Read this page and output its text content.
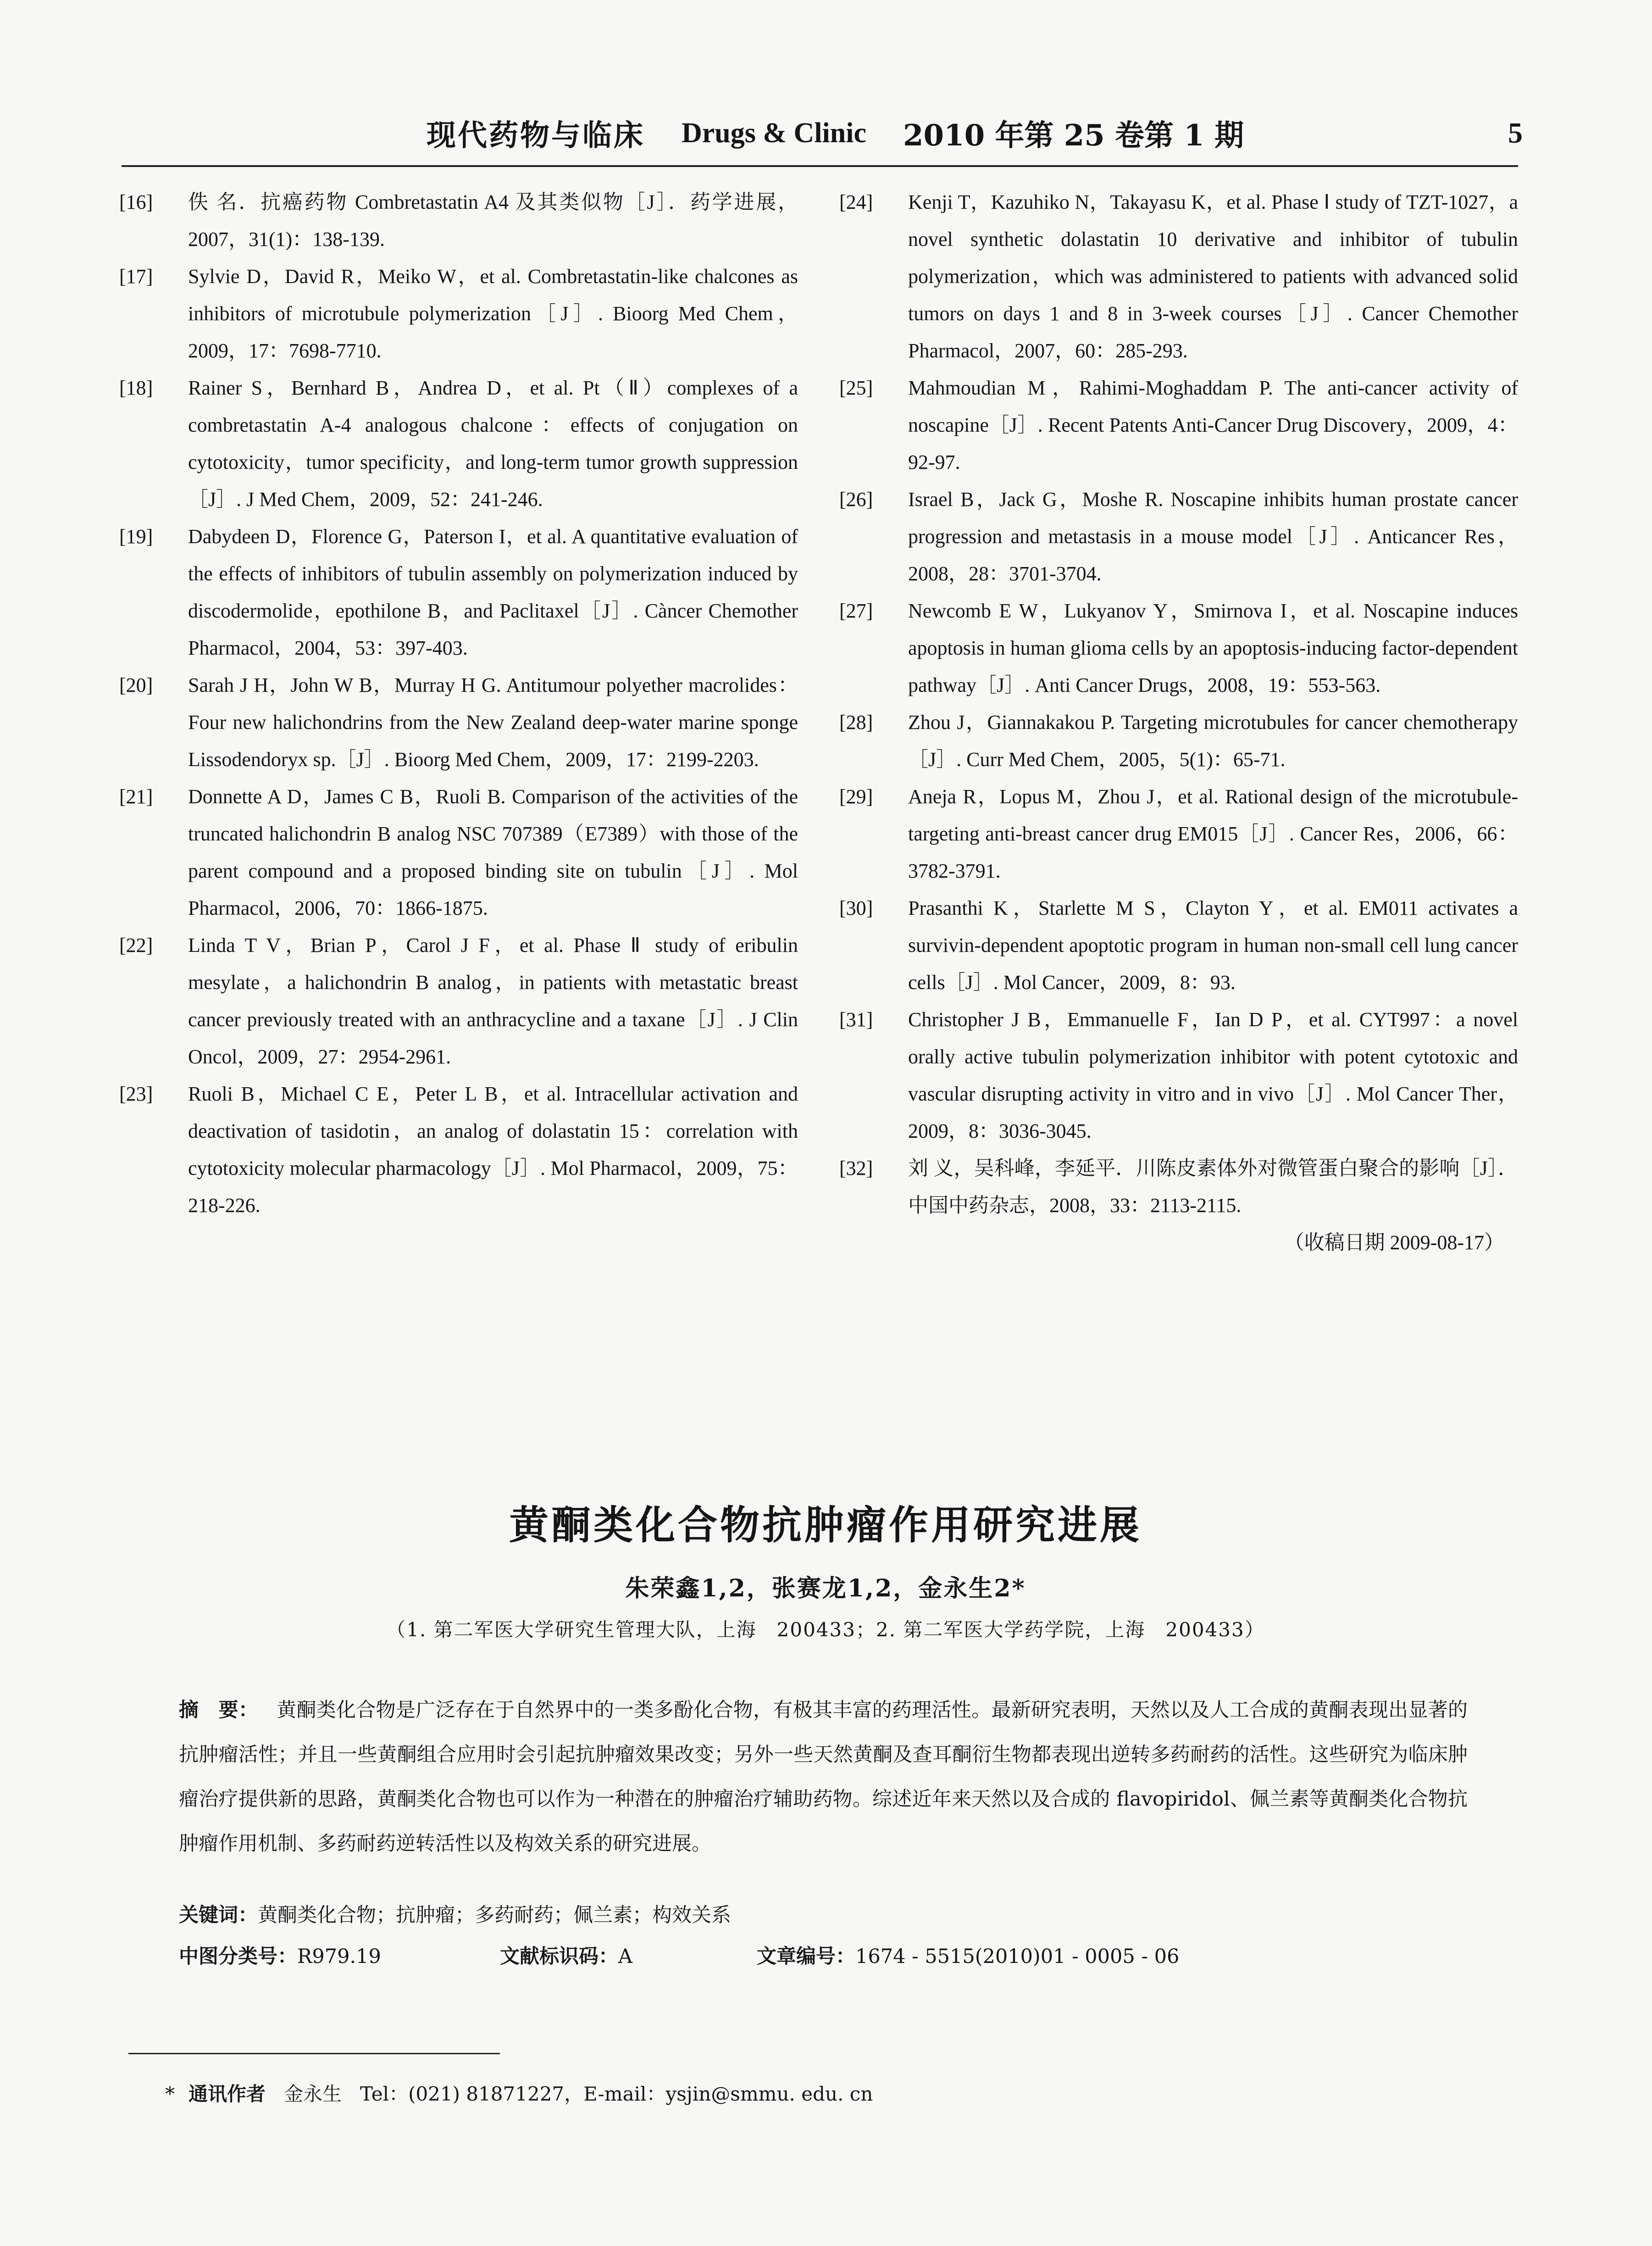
现代药物与临床 Drugs & Clinic 2010 年第 25 卷第 1 期	5
[16]	佚 名．抗癌药物 Combretastatin A4 及其类似物［J］．药学进展，2007，31(1)：138-139.
[17]	Sylvie D，David R，Meiko W，et al. Combretastatin-like chalcones as inhibitors of microtubule polymerization［J］. Bioorg Med Chem，2009，17：7698-7710.
[18]	Rainer S，Bernhard B，Andrea D，et al. Pt（Ⅱ）complexes of a combretastatin A-4 analogous chalcone：effects of conjugation on cytotoxicity，tumor specificity，and long-term tumor growth suppression［J］. J Med Chem，2009，52：241-246.
[19]	Dabydeen D，Florence G，Paterson I，et al. A quantitative evaluation of the effects of inhibitors of tubulin assembly on polymerization induced by discodermolide，epothilone B，and Paclitaxel［J］. Càncer Chemother Pharmacol，2004，53：397-403.
[20]	Sarah J H，John W B，Murray H G. Antitumour polyether macrolides：Four new halichondrins from the New Zealand deep-water marine sponge Lissodendoryx sp.［J］. Bioorg Med Chem，2009，17：2199-2203.
[21]	Donnette A D，James C B，Ruoli B. Comparison of the activities of the truncated halichondrin B analog NSC 707389（E7389）with those of the parent compound and a proposed binding site on tubulin［J］. Mol Pharmacol，2006，70：1866-1875.
[22]	Linda T V，Brian P，Carol J F，et al. Phase Ⅱ study of eribulin mesylate，a halichondrin B analog，in patients with metastatic breast cancer previously treated with an anthracycline and a taxane［J］. J Clin Oncol，2009，27：2954-2961.
[23]	Ruoli B，Michael C E，Peter L B，et al. Intracellular activation and deactivation of tasidotin，an analog of dolastatin 15：correlation with cytotoxicity molecular pharmacology［J］. Mol Pharmacol，2009，75：218-226.
[24]	Kenji T，Kazuhiko N，Takayasu K，et al. Phase Ⅰ study of TZT-1027，a novel synthetic dolastatin 10 derivative and inhibitor of tubulin polymerization，which was administered to patients with advanced solid tumors on days 1 and 8 in 3-week courses［J］. Cancer Chemother Pharmacol，2007，60：285-293.
[25]	Mahmoudian M，Rahimi-Moghaddam P. The anti-cancer activity of noscapine［J］. Recent Patents Anti-Cancer Drug Discovery，2009，4：92-97.
[26]	Israel B，Jack G，Moshe R. Noscapine inhibits human prostate cancer progression and metastasis in a mouse model［J］. Anticancer Res，2008，28：3701-3704.
[27]	Newcomb E W，Lukyanov Y，Smirnova I，et al. Noscapine induces apoptosis in human glioma cells by an apoptosis-inducing factor-dependent pathway［J］. Anti Cancer Drugs，2008，19：553-563.
[28]	Zhou J，Giannakakou P. Targeting microtubules for cancer chemotherapy［J］. Curr Med Chem，2005，5(1)：65-71.
[29]	Aneja R，Lopus M，Zhou J，et al. Rational design of the microtubule-targeting anti-breast cancer drug EM015［J］. Cancer Res，2006，66：3782-3791.
[30]	Prasanthi K，Starlette M S，Clayton Y，et al. EM011 activates a survivin-dependent apoptotic program in human non-small cell lung cancer cells［J］. Mol Cancer，2009，8：93.
[31]	Christopher J B，Emmanuelle F，Ian D P，et al. CYT997：a novel orally active tubulin polymerization inhibitor with potent cytotoxic and vascular disrupting activity in vitro and in vivo［J］. Mol Cancer Ther，2009，8：3036-3045.
[32]	刘 义，吴科峰，李延平．川陈皮素体外对微管蛋白聚合的影响［J］．中国中药杂志，2008，33：2113-2115.
（收稿日期 2009-08-17）
黄酮类化合物抗肿瘤作用研究进展
朱荣鑫1,2，张赛龙1,2，金永生2*
（1. 第二军医大学研究生管理大队，上海　200433；2. 第二军医大学药学院，上海　200433）
摘　要： 黄酮类化合物是广泛存在于自然界中的一类多酚化合物，有极其丰富的药理活性。最新研究表明，天然以及人工合成的黄酮表现出显著的抗肿瘤活性；并且一些黄酮组合应用时会引起抗肿瘤效果改变；另外一些天然黄酮及查耳酮衍生物都表现出逆转多药耐药的活性。这些研究为临床肿瘤治疗提供新的思路，黄酮类化合物也可以作为一种潜在的肿瘤治疗辅助药物。综述近年来天然以及合成的 flavopiridol、佩兰素等黄酮类化合物抗肿瘤作用机制、多药耐药逆转活性以及构效关系的研究进展。
关键词：黄酮类化合物；抗肿瘤；多药耐药；佩兰素；构效关系
中图分类号：R979.19	文献标识码：A	文章编号：1674 - 5515(2010)01 - 0005 - 06
* 通讯作者 金永生 Tel：(021) 81871227，E-mail：ysjin@smmu. edu. cn
